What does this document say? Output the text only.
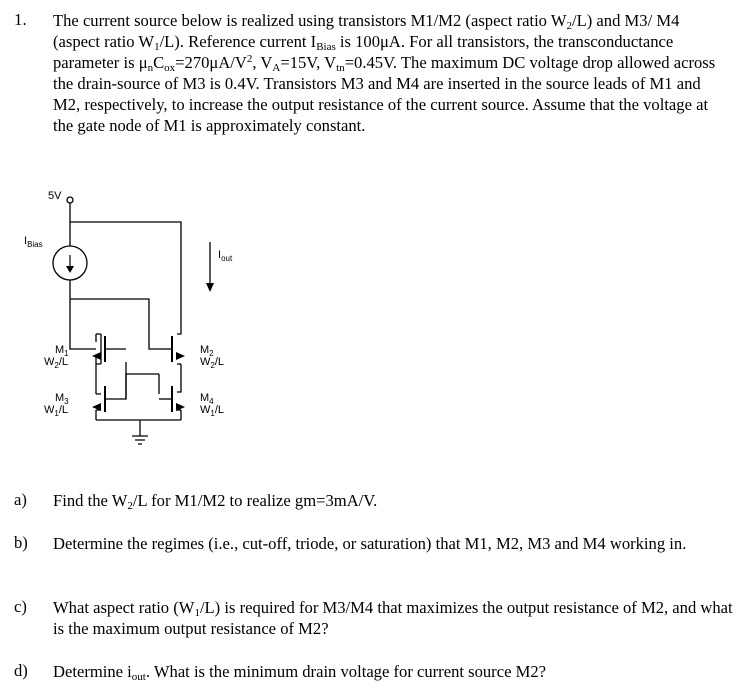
1. The current source below is realized using transistors M1/M2 (aspect ratio $W_2/L$) and M3/ M4 (aspect ratio $W_1/L$). Reference current $I_{Bias}$ is 100μA. For all transistors, the transconductance parameter is $\mu_nC_{ox}=270\mu A/V^2$, $V_A=15V$, $V_{tn}=0.45V$. The maximum DC voltage drop allowed across the drain-source of M3 is 0.4V. Transistors M3 and M4 are inserted in the source leads of M1 and M2, respectively, to increase the output resistance of the current source. Assume that the voltage at the gate node of M1 is approximately constant.
5V
$I_{Bias}$
$I_{out}$
$M_1$
$W_2/L$
$M_2$
$W_2/L$
$M_3$
$W_1/L$
$M_4$
$W_1/L$
a) Find the $W_2/L$ for M1/M2 to realize gm=3mA/V.
b) Determine the regimes (i.e., cut-off, triode, or saturation) that M1, M2, M3 and M4 working in.
c) What aspect ratio $(W_1/L)$ is required for M3/M4 that maximizes the output resistance of M2, and what is the maximum output resistance of M2?
d) Determine $i_{out}$. What is the minimum drain voltage for current source M2?
